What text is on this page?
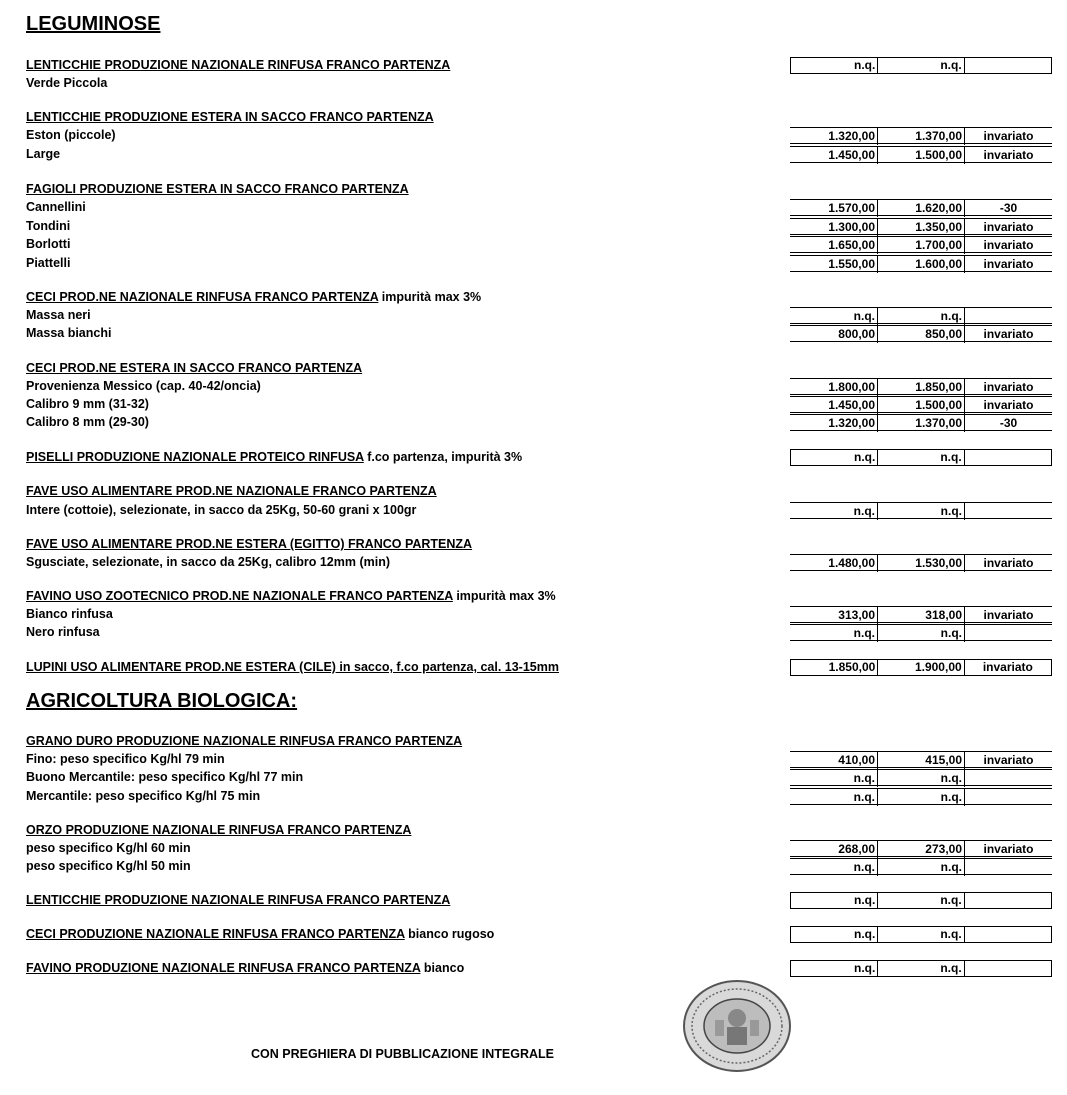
LEGUMINOSE
AGRICOLTURA BIOLOGICA:
LENTICCHIE PRODUZIONE NAZIONALE RINFUSA FRANCO PARTENZA	n.q.	n.q.
Verde Piccola
LENTICCHIE PRODUZIONE ESTERA IN SACCO FRANCO PARTENZA
Eston (piccole)	1.320,00	1.370,00	invariato
Large	1.450,00	1.500,00	invariato
FAGIOLI PRODUZIONE ESTERA IN SACCO FRANCO PARTENZA
Cannellini	1.570,00	1.620,00	-30
Tondini	1.300,00	1.350,00	invariato
Borlotti	1.650,00	1.700,00	invariato
Piattelli	1.550,00	1.600,00	invariato
CECI PROD.NE NAZIONALE RINFUSA FRANCO PARTENZA impurità max 3%
Massa neri	n.q.	n.q.
Massa bianchi	800,00	850,00	invariato
CECI PROD.NE ESTERA IN SACCO FRANCO PARTENZA
Provenienza Messico (cap. 40-42/oncia)	1.800,00	1.850,00	invariato
Calibro 9 mm (31-32)	1.450,00	1.500,00	invariato
Calibro 8 mm (29-30)	1.320,00	1.370,00	-30
PISELLI PRODUZIONE NAZIONALE PROTEICO RINFUSA f.co partenza, impurità 3%	n.q.	n.q.
FAVE USO ALIMENTARE PROD.NE NAZIONALE FRANCO PARTENZA
Intere (cottoie), selezionate, in sacco da 25Kg, 50-60 grani x 100gr	n.q.	n.q.
FAVE USO ALIMENTARE PROD.NE ESTERA (EGITTO) FRANCO PARTENZA
Sgusciate, selezionate, in sacco da 25Kg, calibro 12mm (min)	1.480,00	1.530,00	invariato
FAVINO USO ZOOTECNICO PROD.NE NAZIONALE FRANCO PARTENZA impurità max 3%
Bianco rinfusa	313,00	318,00	invariato
Nero rinfusa	n.q.	n.q.
LUPINI USO ALIMENTARE PROD.NE ESTERA (CILE) in sacco, f.co partenza, cal. 13-15mm	1.850,00	1.900,00	invariato
GRANO DURO PRODUZIONE NAZIONALE RINFUSA FRANCO PARTENZA
Fino: peso specifico Kg/hl 79 min	410,00	415,00	invariato
Buono Mercantile: peso specifico Kg/hl 77 min	n.q.	n.q.
Mercantile: peso specifico Kg/hl 75 min	n.q.	n.q.
ORZO PRODUZIONE NAZIONALE RINFUSA FRANCO PARTENZA
peso specifico Kg/hl 60 min	268,00	273,00	invariato
peso specifico Kg/hl 50 min	n.q.	n.q.
LENTICCHIE PRODUZIONE NAZIONALE RINFUSA FRANCO PARTENZA	n.q.	n.q.
CECI PRODUZIONE NAZIONALE RINFUSA FRANCO PARTENZA bianco rugoso	n.q.	n.q.
FAVINO PRODUZIONE NAZIONALE RINFUSA FRANCO PARTENZA bianco	n.q.	n.q.
CON PREGHIERA DI PUBBLICAZIONE INTEGRALE
